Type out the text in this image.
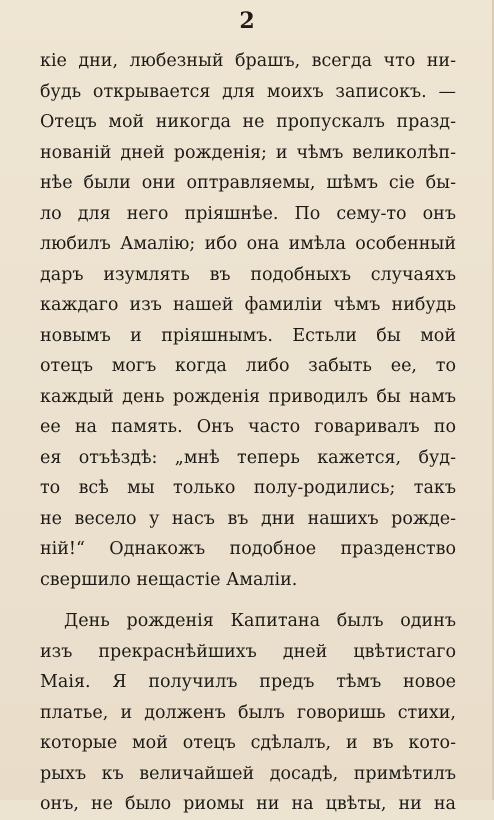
2
кіе дни, любезный брашъ, всегда что ни-
будь открывается для моихъ записокъ. —
Отецъ мой никогда не пропускалъ празд-
нованій дней рожденія; и чѣмъ великолѣп-
нѣе были они оптравляемы, шѣмъ сіе бы-
ло для него пріяшнѣе. По сему-то онъ
любилъ Амалію; ибо она имѣла особенный
даръ изумлять въ подобныхъ случаяхъ
каждаго изъ нашей фамиліи чѣмъ нибудь
новымъ и пріяшнымъ. Естьли бы мой
отецъ могъ когда либо забыть ее, то
каждый день рожденія приводилъ бы намъ
ее на память. Онъ часто говаривалъ по
ея отъѣздѣ: „мнѣ теперь кажется, буд-
то всѣ мы только полу-родились; такъ
не весело у насъ въ дни нашихъ рожде-
ній!“ Однакожъ подобное празденство
свершило нещастіе Амаліи.
День рожденія Капитана былъ одинъ
изъ прекраснѣйшихъ дней цвѣтистаго
Маія. Я получилъ предъ тѣмъ новое
платье, и долженъ былъ говоришь стихи,
которые мой отецъ сдѣлалъ, и въ кото-
рыхъ къ величайшей досадѣ, примѣтилъ
онъ, не было риомы ни на цвѣты, ни на
